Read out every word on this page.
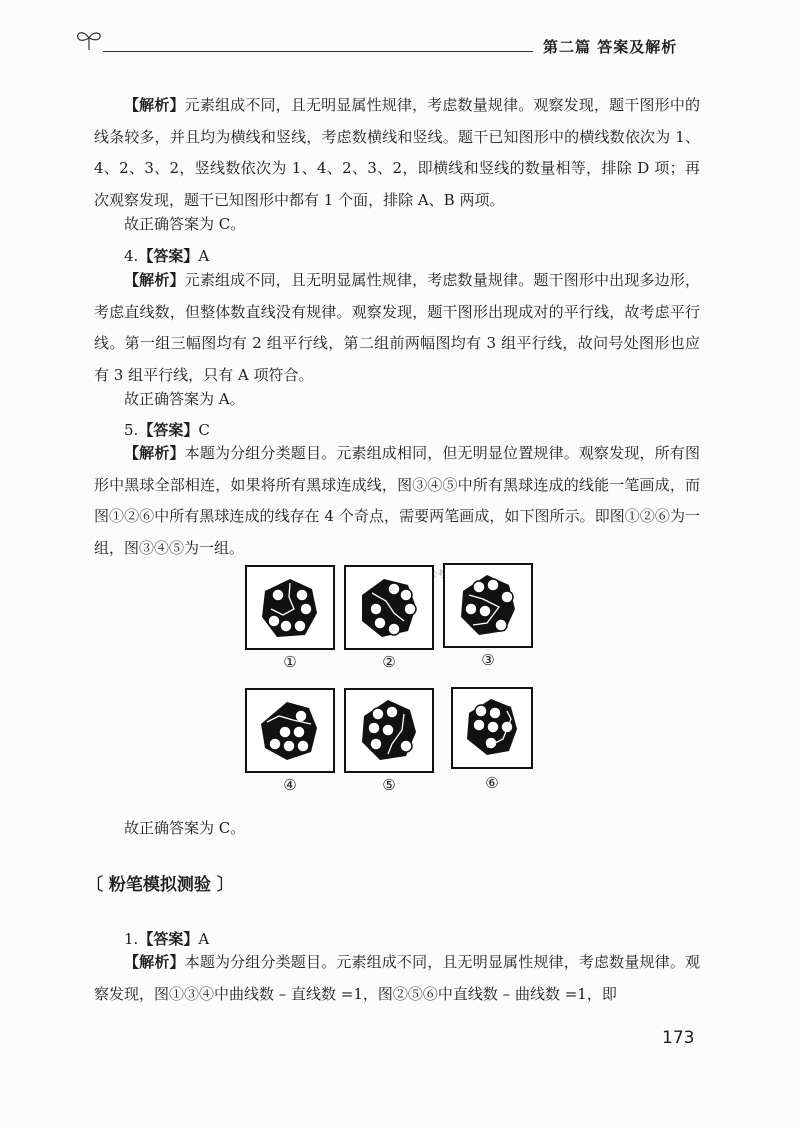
第二篇 答案及解析

【解析】元素组成不同，且无明显属性规律，考虑数量规律。观察发现，题干图形中的线条较多，并且均为横线和竖线，考虑数横线和竖线。题干已知图形中的横线数依次为 1、4、2、3、2，竖线数依次为 1、4、2、3、2，即横线和竖线的数量相等，排除 D 项；再次观察发现，题干已知图形中都有 1 个面，排除 A、B 两项。

故正确答案为 C。
4.【答案】A

【解析】元素组成不同，且无明显属性规律，考虑数量规律。题干图形中出现多边形，考虑直线数，但整体数直线没有规律。观察发现，题干图形出现成对的平行线，故考虑平行线。第一组三幅图均有 2 组平行线，第二组前两幅图均有 3 组平行线，故问号处图形也应有 3 组平行线，只有 A 项符合。

故正确答案为 A。
5.【答案】C

【解析】本题为分组分类题目。元素组成相同，但无明显位置规律。观察发现，所有图形中黑球全部相连，如果将所有黑球连成线，图③④⑤中所有黑球连成的线能一笔画成，而图①②⑥中所有黑球连成的线存在 4 个奇点，需要两笔画成，如下图所示。即图①②⑥为一组，图③④⑤为一组。

①	②	③
④	⑤	⑥
故正确答案为 C。
〔 粉笔模拟测验 〕
1.【答案】A

【解析】本题为分组分类题目。元素组成不同，且无明显属性规律，考虑数量规律。观察发现，图①③④中曲线数 – 直线数 =1，图②⑤⑥中直线数 – 曲线数 =1，即

173
